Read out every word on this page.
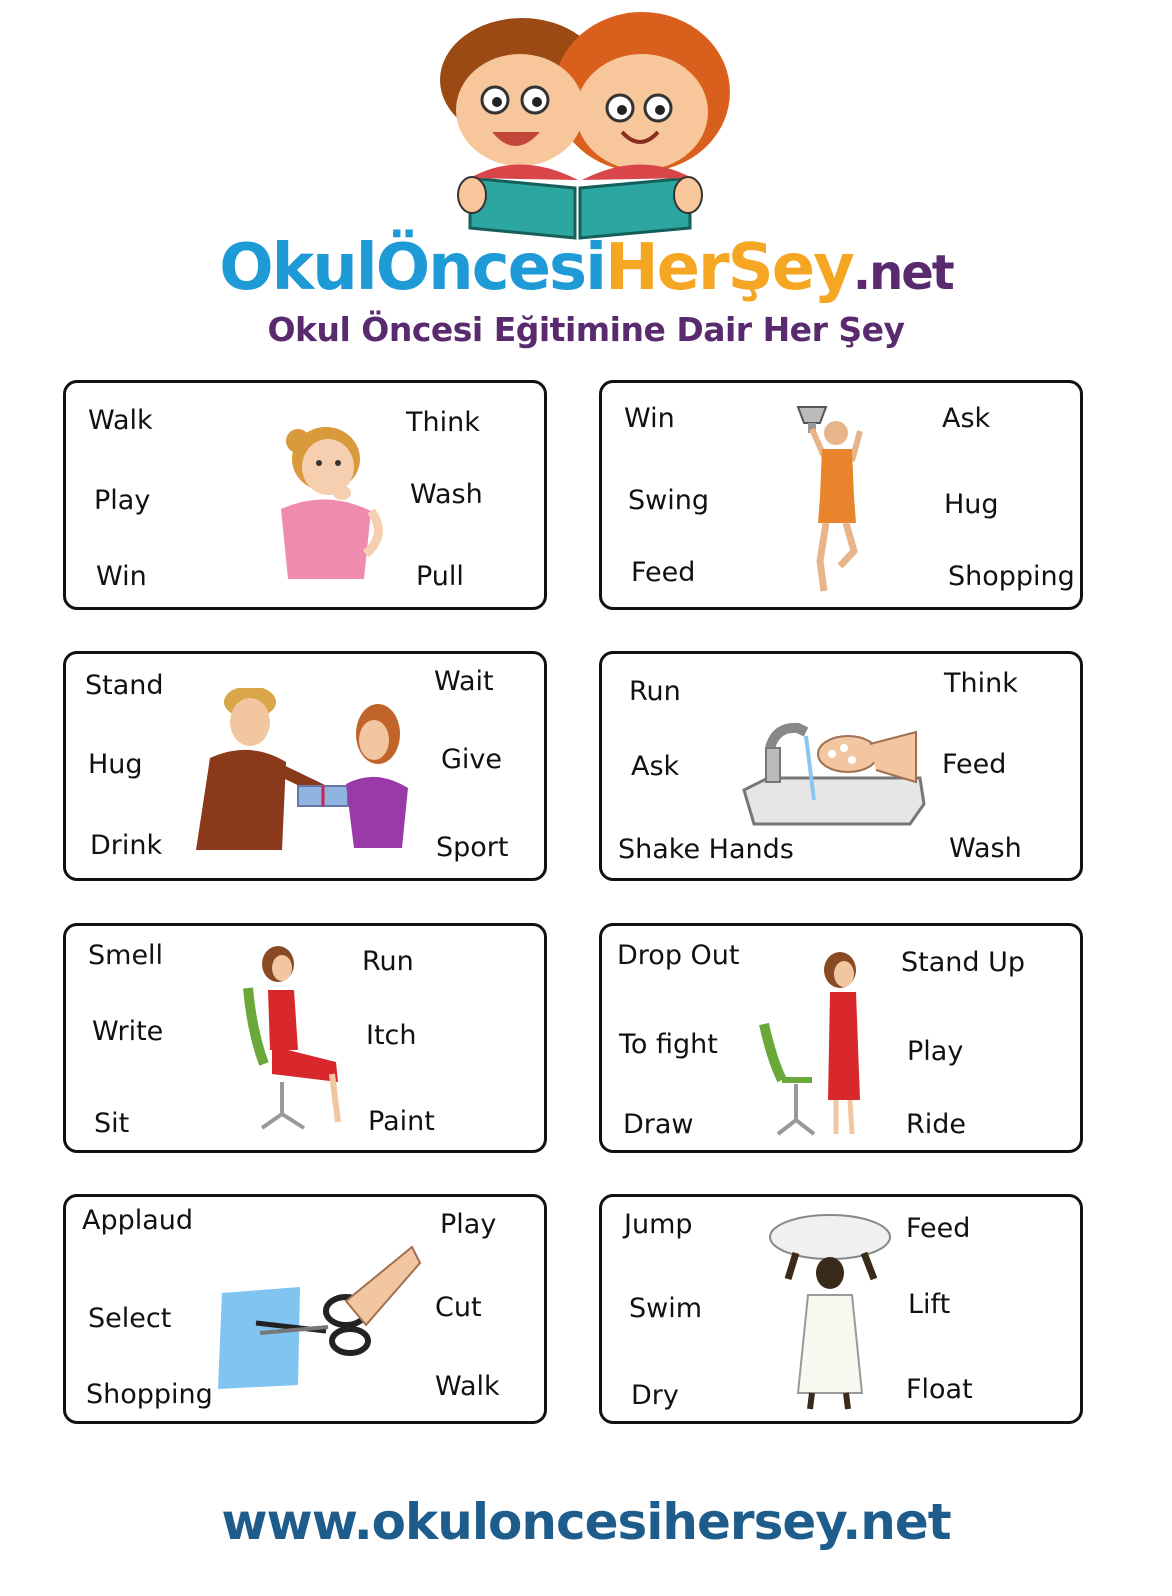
OkulÖncesiHerŞey.net
Okul Öncesi Eğitimine Dair Her Şey
Walk
Play
Win
Think
Wash
Pull
Win
Swing
Feed
Ask
Hug
Shopping
Stand
Hug
Drink
Wait
Give
Sport
Run
Ask
Shake Hands
Think
Feed
Wash
Smell
Write
Sit
Run
Itch
Paint
Drop Out
To fight
Draw
Stand Up
Play
Ride
Applaud
Select
Shopping
Play
Cut
Walk
Jump
Swim
Dry
Feed
Lift
Float
www.okuloncesihersey.net
